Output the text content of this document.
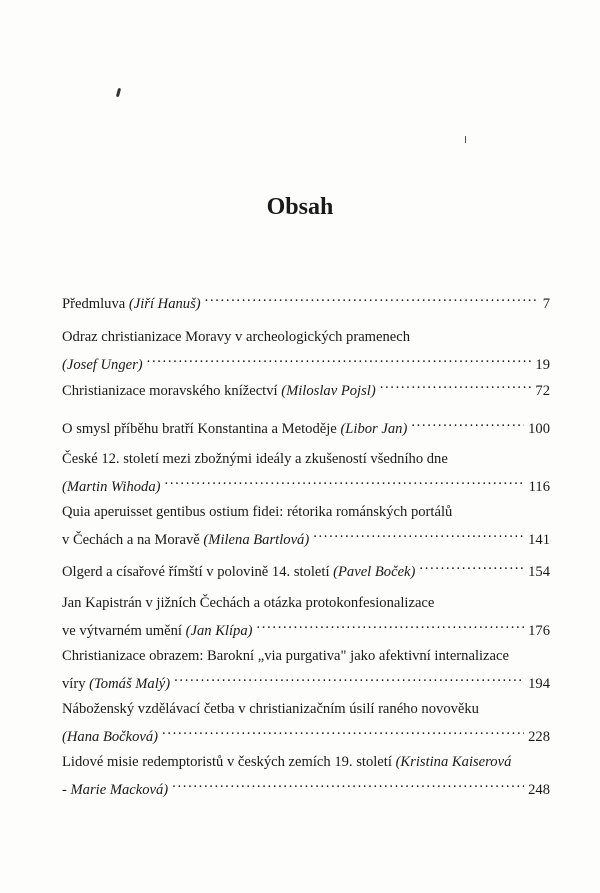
Obsah
Předmluva (Jiří Hanuš) . . .	7
Odraz christianizace Moravy v archeologických pramenech
(Josef Unger) . . .	19
Christianizace moravského knížectví (Miloslav Pojsl) . . .	72
O smysl příběhu bratří Konstantina a Metoděje (Libor Jan) . . .	100
České 12. století mezi zbožnými ideály a zkušeností všedního dne
(Martin Wihoda) . . .	116
Quia aperuisset gentibus ostium fidei: rétorika románských portálů
v Čechách a na Moravě (Milena Bartlová) . . .	141
Olgerd a císařové římští v polovině 14. století (Pavel Boček) . . .	154
Jan Kapistrán v jižních Čechách a otázka protokonfesionalizace
ve výtvarném umění (Jan Klípa) . . .	176
Christianizace obrazem: Barokní „via purgativa" jako afektivní internalizace
víry (Tomáš Malý) . . .	194
Náboženský vzdělávací četba v christianizačním úsilí raného novověku
(Hana Bočková) . . .	228
Lidové misie redemptoristů v českých zemích 19. století (Kristina Kaiserová
- Marie Macková) . . .	248
